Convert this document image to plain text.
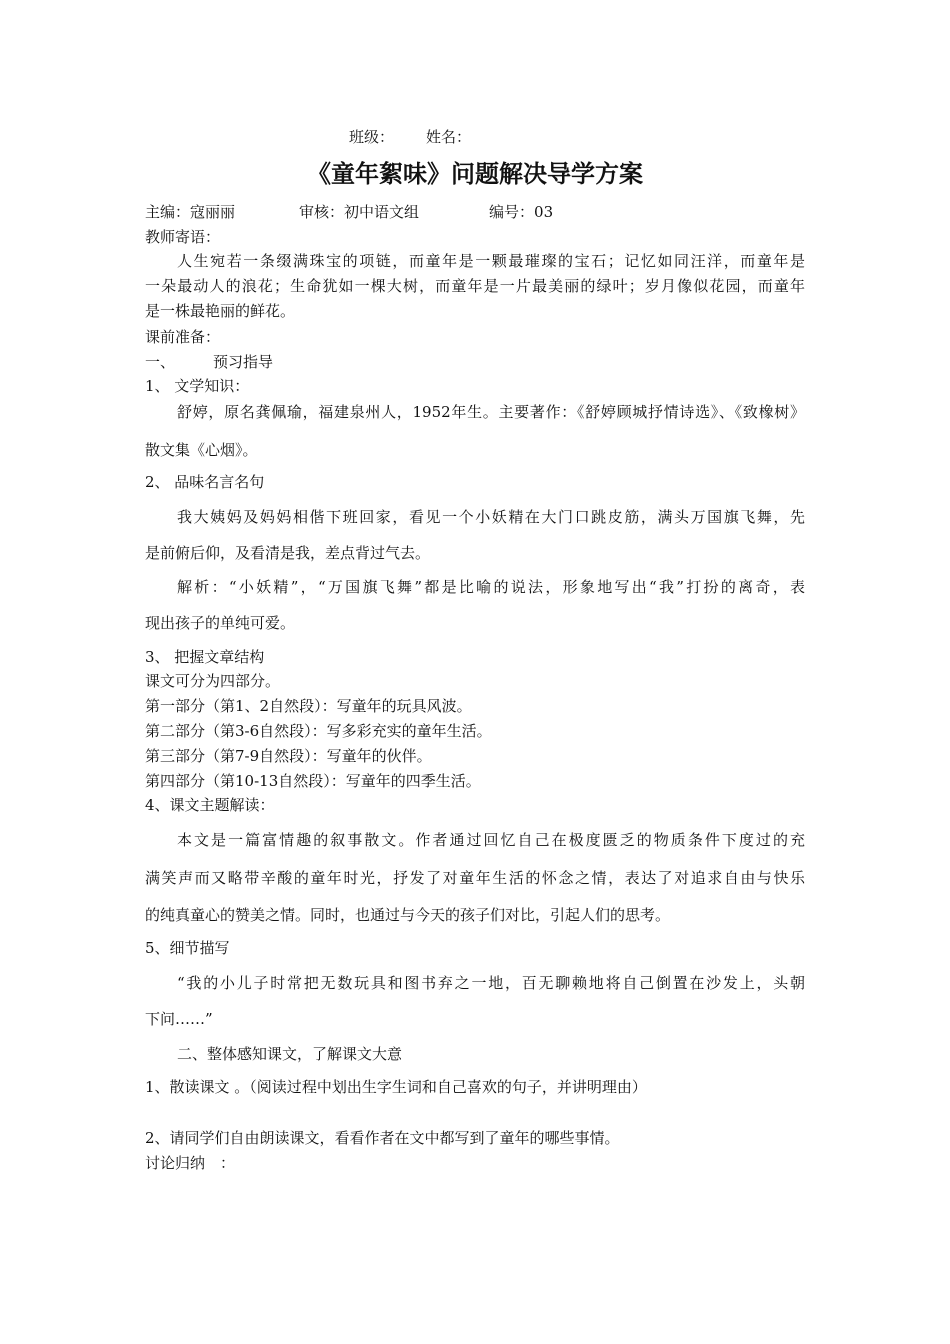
班级： 姓名：
《童年絮味》问题解决导学方案
主编：寇丽丽	审核：初中语文组	编号：03
教师寄语：
人生宛若一条缀满珠宝的项链，而童年是一颗最璀璨的宝石；记忆如同汪洋，而童年是
一朵最动人的浪花；生命犹如一棵大树，而童年是一片最美丽的绿叶；岁月像似花园，而童年
是一株最艳丽的鲜花。
课前准备：
一、	预习指导
1、 文学知识：
舒婷，原名龚佩瑜，福建泉州人，1952年生。主要著作：《舒婷顾城抒情诗选》、《致橡树》
散文集《心烟》。
2、 品味名言名句
我大姨妈及妈妈相偕下班回家，看见一个小妖精在大门口跳皮筋，满头万国旗飞舞，先
是前俯后仰，及看清是我，差点背过气去。
解析：“小妖精”，“万国旗飞舞”都是比喻的说法，形象地写出“我”打扮的离奇，表
现出孩子的单纯可爱。
3、 把握文章结构
课文可分为四部分。
第一部分（第1、2自然段）：写童年的玩具风波。
第二部分（第3-6自然段）：写多彩充实的童年生活。
第三部分（第7-9自然段）：写童年的伙伴。
第四部分（第10-13自然段）：写童年的四季生活。
4、课文主题解读：
本文是一篇富情趣的叙事散文。作者通过回忆自己在极度匮乏的物质条件下度过的充
满笑声而又略带辛酸的童年时光，抒发了对童年生活的怀念之情，表达了对追求自由与快乐
的纯真童心的赞美之情。同时，也通过与今天的孩子们对比，引起人们的思考。
5、细节描写
“我的小儿子时常把无数玩具和图书弃之一地，百无聊赖地将自己倒置在沙发上，头朝
下问……”
二、整体感知课文，了解课文大意
1、散读课文 。（阅读过程中划出生字生词和自己喜欢的句子，并讲明理由）
2、请同学们自由朗读课文，看看作者在文中都写到了童年的哪些事情。
讨论归纳　：
